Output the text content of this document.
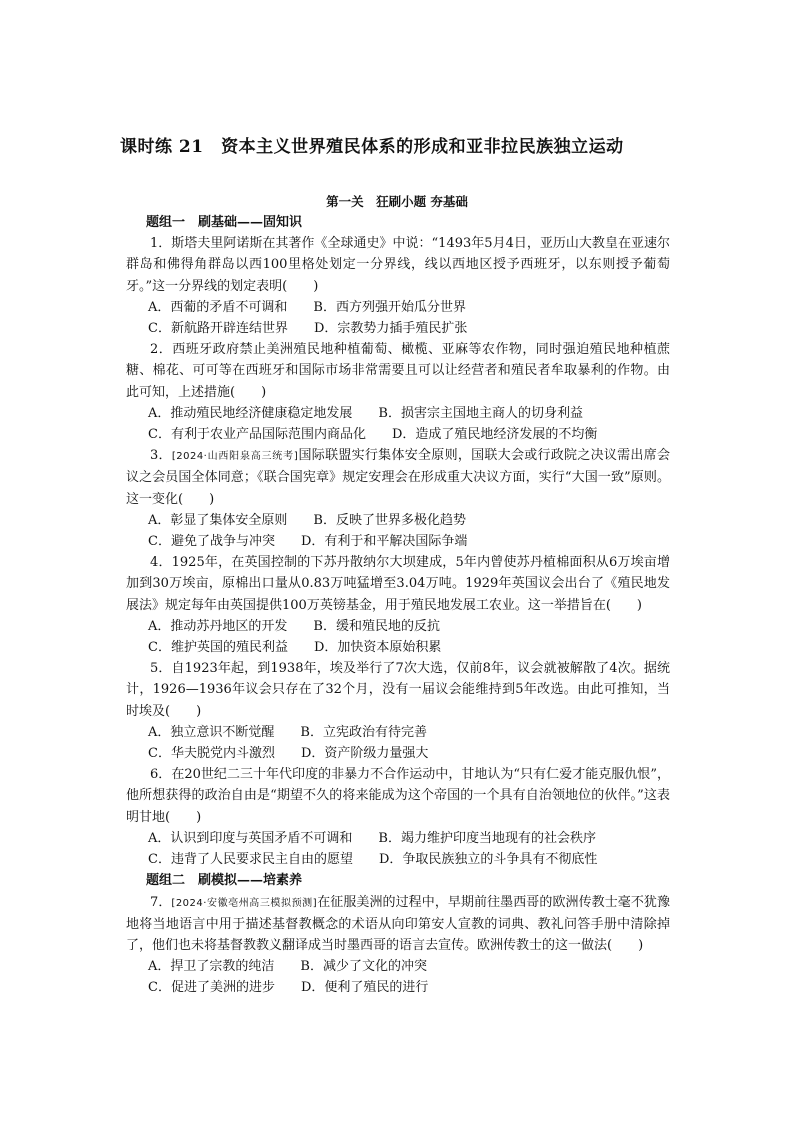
课时练 21　资本主义世界殖民体系的形成和亚非拉民族独立运动
第一关　狂刷小题 夯基础
题组一　刷基础——固知识
1．斯塔夫里阿诺斯在其著作《全球通史》中说：“1493年5月4日，亚历山大教皇在亚速尔群岛和佛得角群岛以西100里格处划定一分界线，线以西地区授予西班牙，以东则授予葡萄牙。”这一分界线的划定表明(　　)
A．西葡的矛盾不可调和 B．西方列强开始瓜分世界
C．新航路开辟连结世界 D．宗教势力插手殖民扩张
2．西班牙政府禁止美洲殖民地种植葡萄、橄榄、亚麻等农作物，同时强迫殖民地种植蔗糖、棉花、可可等在西班牙和国际市场非常需要且可以让经营者和殖民者牟取暴利的作物。由此可知，上述措施(　　)
A．推动殖民地经济健康稳定地发展 B．损害宗主国地主商人的切身利益
C．有利于农业产品国际范围内商品化 D．造成了殖民地经济发展的不均衡
3．[2024·山西阳泉高三统考]国际联盟实行集体安全原则，国联大会或行政院之决议需出席会议之会员国全体同意；《联合国宪章》规定安理会在形成重大决议方面，实行“大国一致”原则。这一变化(　　)
A．彰显了集体安全原则 B．反映了世界多极化趋势
C．避免了战争与冲突 D．有利于和平解决国际争端
4．1925年，在英国控制的下苏丹散纳尔大坝建成，5年内曾使苏丹植棉面积从6万埃亩增加到30万埃亩，原棉出口量从0.83万吨猛增至3.04万吨。1929年英国议会出台了《殖民地发展法》规定每年由英国提供100万英镑基金，用于殖民地发展工农业。这一举措旨在(　　)
A．推动苏丹地区的开发 B．缓和殖民地的反抗
C．维护英国的殖民利益 D．加快资本原始积累
5．自1923年起，到1938年，埃及举行了7次大选，仅前8年，议会就被解散了4次。据统计，1926—1936年议会只存在了32个月，没有一届议会能维持到5年改选。由此可推知，当时埃及(　　)
A．独立意识不断觉醒 B．立宪政治有待完善
C．华夫脱党内斗激烈 D．资产阶级力量强大
6．在20世纪二三十年代印度的非暴力不合作运动中，甘地认为“只有仁爱才能克服仇恨”，他所想获得的政治自由是“期望不久的将来能成为这个帝国的一个具有自治领地位的伙伴。”这表明甘地(　　)
A．认识到印度与英国矛盾不可调和 B．竭力维护印度当地现有的社会秩序
C．违背了人民要求民主自由的愿望 D．争取民族独立的斗争具有不彻底性
题组二　刷模拟——培素养
7．[2024·安徽亳州高三模拟预测]在征服美洲的过程中，早期前往墨西哥的欧洲传教士毫不犹豫地将当地语言中用于描述基督教概念的术语从向印第安人宣教的词典、教礼问答手册中清除掉了，他们也未将基督教教义翻译成当时墨西哥的语言去宣传。欧洲传教士的这一做法(　　)
A．捍卫了宗教的纯洁 B．减少了文化的冲突
C．促进了美洲的进步 D．便利了殖民的进行
